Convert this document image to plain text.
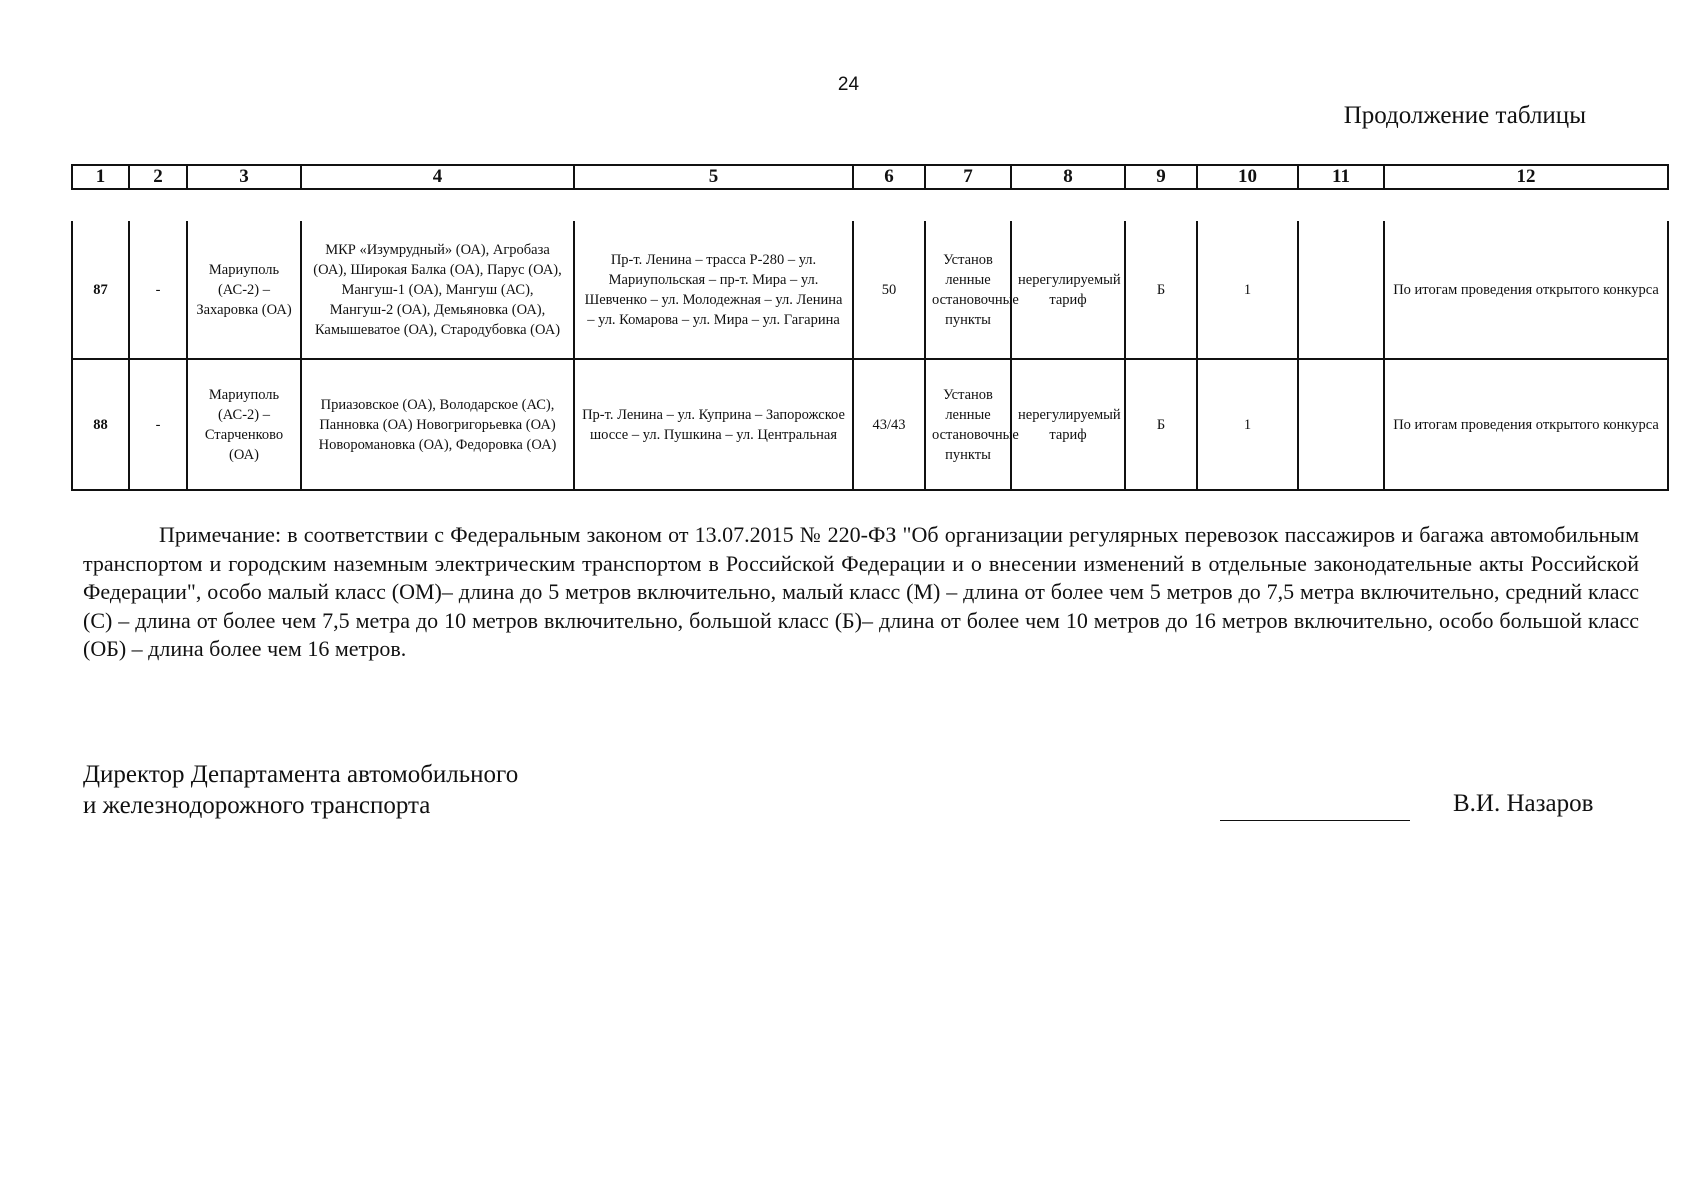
24
Продолжение таблицы
1	2	3	4	5	6	7	8	9	10	11	12
87	-	Мариуполь (АС-2) – Захаровка (ОА)	МКР «Изумрудный» (ОА), Агробаза (ОА), Широкая Балка (ОА), Парус (ОА), Мангуш-1 (ОА), Мангуш (АС), Мангуш-2 (ОА), Демьяновка (ОА), Камышеватое (ОА), Стародубовка (ОА)	Пр-т. Ленина – трасса Р-280 – ул. Мариупольская – пр-т. Мира – ул. Шевченко – ул. Молодежная – ул. Ленина – ул. Комарова – ул. Мира – ул. Гагарина	50	Установ ленные остановочные пункты	нерегулируемый тариф	Б	1		По итогам проведения открытого конкурса
88	-	Мариуполь (АС-2) – Старченково (ОА)	Приазовское (ОА), Володарское (АС), Панновка (ОА) Новогригорьевка (ОА) Новоромановка (ОА), Федоровка (ОА)	Пр-т. Ленина – ул. Куприна – Запорожское шоссе – ул. Пушкина – ул. Центральная	43/43	Установ ленные остановочные пункты	нерегулируемый тариф	Б	1		По итогам проведения открытого конкурса
Примечание: в соответствии с Федеральным законом от 13.07.2015 № 220-ФЗ "Об организации регулярных перевозок пассажиров и багажа автомобильным транспортом и городским наземным электрическим транспортом в Российской Федерации и о внесении изменений в отдельные законодательные акты Российской Федерации", особо малый класс (ОМ)– длина до 5 метров включительно, малый класс (М) – длина от более чем 5 метров до 7,5 метра включительно, средний класс (С) – длина от более чем 7,5 метра до 10 метров включительно, большой класс (Б)– длина от более чем 10 метров до 16 метров включительно, особо большой класс (ОБ) – длина более чем 16 метров.
Директор Департамента автомобильного
и железнодорожного транспорта	В.И. Назаров
